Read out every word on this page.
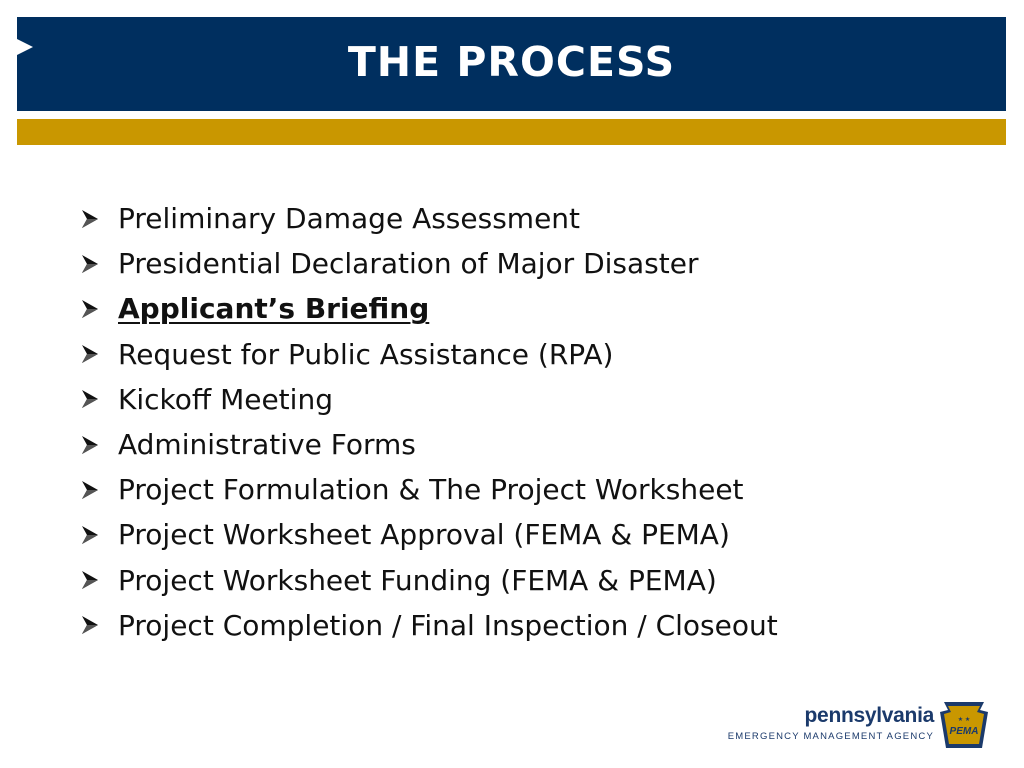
THE PROCESS
Preliminary Damage Assessment
Presidential Declaration of Major Disaster
Applicant’s Briefing
Request for Public Assistance (RPA)
Kickoff Meeting
Administrative Forms
Project Formulation & The Project Worksheet
Project Worksheet Approval (FEMA & PEMA)
Project Worksheet Funding (FEMA & PEMA)
Project Completion / Final Inspection / Closeout
pennsylvania
EMERGENCY MANAGEMENT AGENCY PEMA
★ ★
